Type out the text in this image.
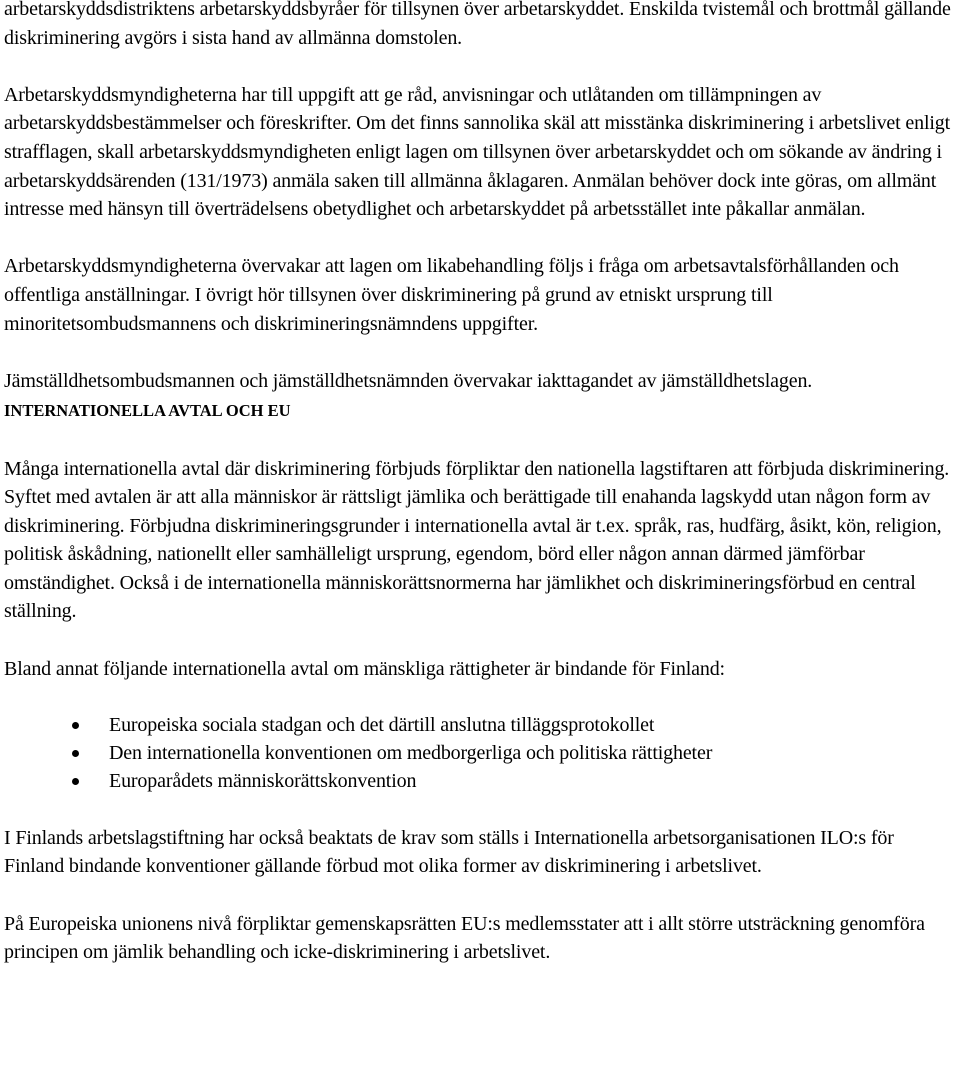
arbetarskyddsdistriktens arbetarskyddsbyråer för tillsynen över arbetarskyddet. Enskilda tvistemål och brottmål gällande diskriminering avgörs i sista hand av allmänna domstolen.

Arbetarskyddsmyndigheterna har till uppgift att ge råd, anvisningar och utlåtanden om tillämpningen av arbetarskyddsbestämmelser och föreskrifter. Om det finns sannolika skäl att misstänka diskriminering i arbetslivet enligt strafflagen, skall arbetarskyddsmyndigheten enligt lagen om tillsynen över arbetarskyddet och om sökande av ändring i arbetarskyddsärenden (131/1973) anmäla saken till allmänna åklagaren. Anmälan behöver dock inte göras, om allmänt intresse med hänsyn till överträdelsens obetydlighet och arbetarskyddet på arbetsstället inte påkallar anmälan.

Arbetarskyddsmyndigheterna övervakar att lagen om likabehandling följs i fråga om arbetsavtalsförhållanden och offentliga anställningar. I övrigt hör tillsynen över diskriminering på grund av etniskt ursprung till minoritetsombudsmannens och diskrimineringsnämndens uppgifter.

Jämställdhetsombudsmannen och jämställdhetsnämnden övervakar iakttagandet av jämställdhetslagen.

INTERNATIONELLA AVTAL OCH EU

Många internationella avtal där diskriminering förbjuds förpliktar den nationella lagstiftaren att förbjuda diskriminering. Syftet med avtalen är att alla människor är rättsligt jämlika och berättigade till enahanda lagskydd utan någon form av diskriminering. Förbjudna diskrimineringsgrunder i internationella avtal är t.ex. språk, ras, hudfärg, åsikt, kön, religion, politisk åskådning, nationellt eller samhälleligt ursprung, egendom, börd eller någon annan därmed jämförbar omständighet. Också i de internationella människorättsnormerna har jämlikhet och diskrimineringsförbud en central ställning.

Bland annat följande internationella avtal om mänskliga rättigheter är bindande för Finland:

Europeiska sociala stadgan och det därtill anslutna tilläggsprotokollet
Den internationella konventionen om medborgerliga och politiska rättigheter
Europarådets människorättskonvention

I Finlands arbetslagstiftning har också beaktats de krav som ställs i Internationella arbetsorganisationen ILO:s för Finland bindande konventioner gällande förbud mot olika former av diskriminering i arbetslivet.

På Europeiska unionens nivå förpliktar gemenskapsrätten EU:s medlemsstater att i allt större utsträckning genomföra principen om jämlik behandling och icke-diskriminering i arbetslivet.
